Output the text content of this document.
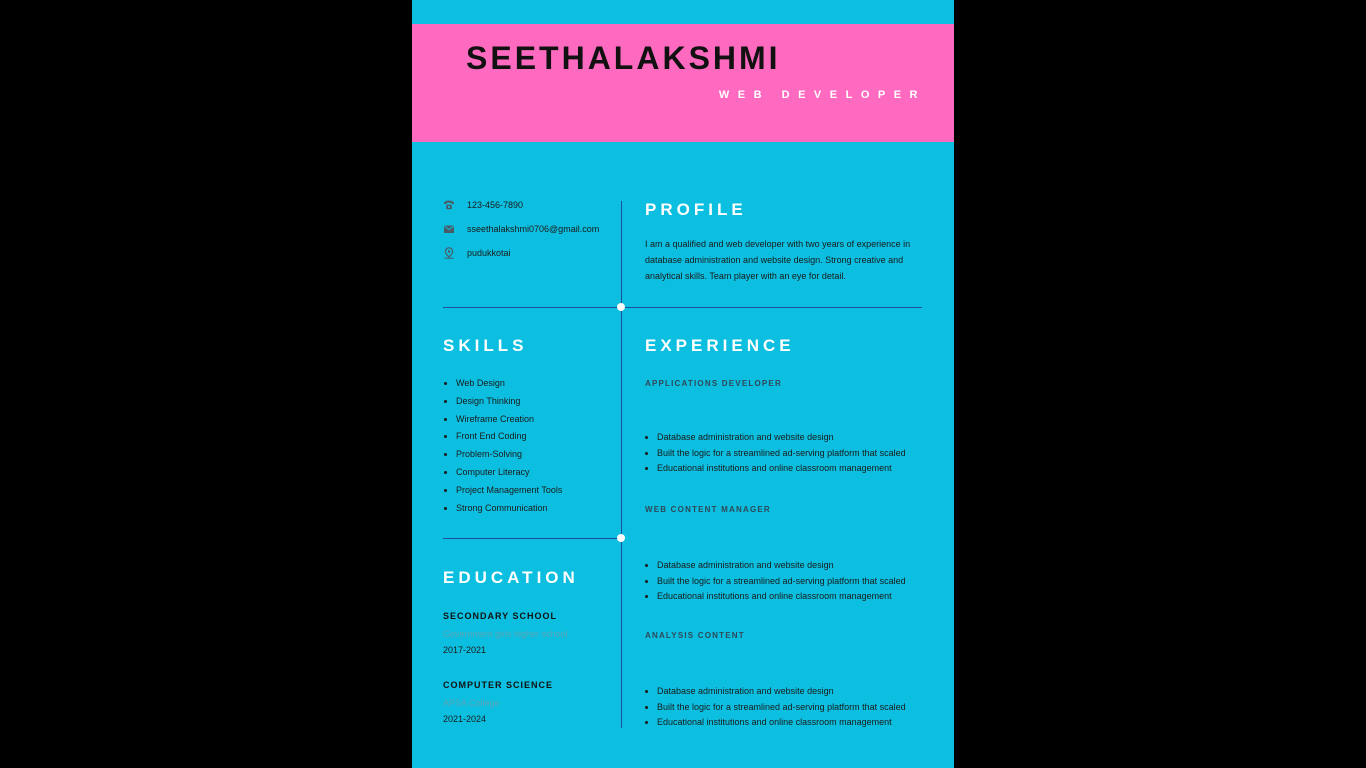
SEETHALAKSHMI
WEB DEVELOPER
123-456-7890
sseethalakshmi0706@gmail.com
pudukkotai
PROFILE
I am a qualified and web developer with two years of experience in database administration and website design. Strong creative and analytical skills. Team player with an eye for detail.
SKILLS
• Web Design
• Design Thinking
• Wireframe Creation
• Front End Coding
• Problem-Solving
• Computer Literacy
• Project Management Tools
• Strong Communication
EXPERIENCE
APPLICATIONS DEVELOPER
• Database administration and website design
• Built the logic for a streamlined ad-serving platform that scaled
• Educational institutions and online classroom management
WEB CONTENT MANAGER
• Database administration and website design
• Built the logic for a streamlined ad-serving platform that scaled
• Educational institutions and online classroom management
ANALYSIS CONTENT
• Database administration and website design
• Built the logic for a streamlined ad-serving platform that scaled
• Educational institutions and online classroom management
EDUCATION
SECONDARY SCHOOL
Government girls higher school
2017-2021
COMPUTER SCIENCE
APSA College
2021-2024
